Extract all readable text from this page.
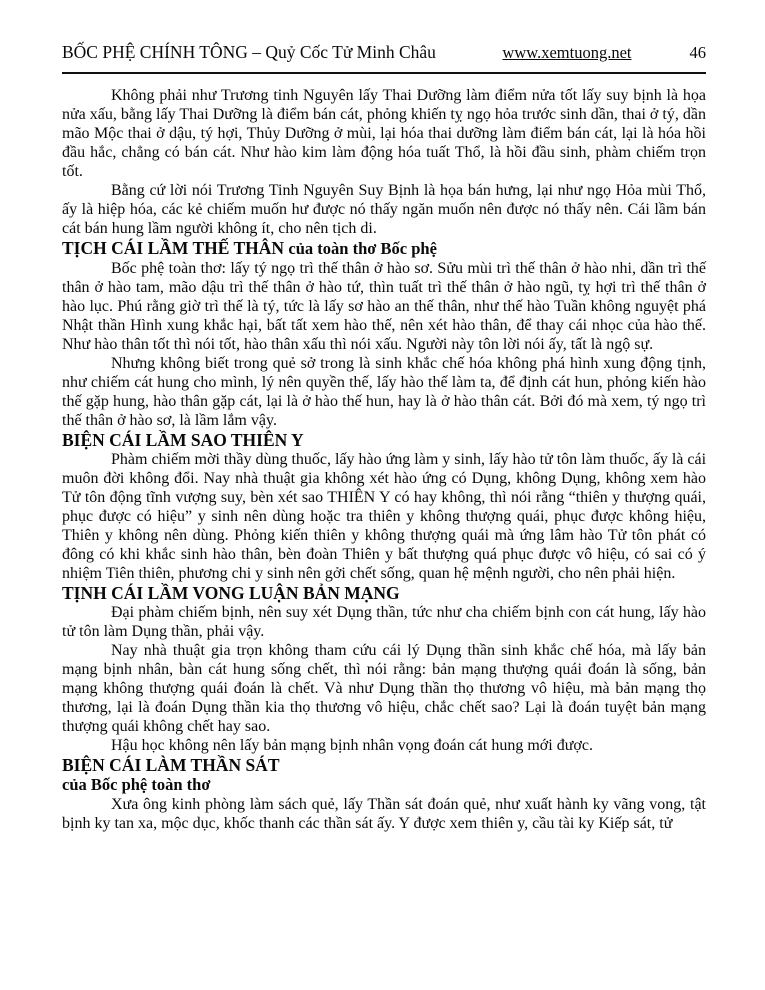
BỐC PHỆ CHÍNH TÔNG – Quỷ Cốc Tử Minh Châu	www.xemtuong.net	46

Không phải như Trương tinh Nguyên lấy Thai Dưỡng làm điểm nửa tốt lấy suy bịnh là họa nửa xấu, bằng lấy Thai Dưỡng là điểm bán cát, phỏng khiến tỵ ngọ hỏa trước sinh dần, thai ở tý, dần mão Mộc thai ở dậu, tý hợi, Thủy Dưỡng ở mùi, lại hóa thai dưỡng làm điểm bán cát, lại là hóa hồi đầu hắc, chẳng có bán cát. Như hào kim làm động hóa tuất Thổ, là hồi đầu sinh, phàm chiếm trọn tốt.

Bằng cứ lời nói Trương Tinh Nguyên Suy Bịnh là họa bán hưng, lại như ngọ Hỏa mùi Thổ, ấy là hiệp hóa, các kẻ chiếm muốn hư được nó thấy ngăn muốn nên được nó thấy nên. Cái lầm bán cát bán hung lầm người không ít, cho nên tịch di.

TỊCH CÁI LẦM THẾ THÂN của toàn thơ Bốc phệ

Bốc phệ toàn thơ: lấy tý ngọ trì thế thân ở hào sơ. Sửu mùi trì thế thân ở hào nhi, dần trì thế thân ở hào tam, mão dậu trì thế thân ở hào tứ, thìn tuất trì thế thân ở hào ngũ, tỵ hợi trì thế thân ở hào lục. Phú rằng giờ trì thế là tý, tức là lấy sơ hào an thế thân, như thế hào Tuần không nguyệt phá Nhật thần Hình xung khắc hại, bất tất xem hào thế, nên xét hào thân, để thay cái nhọc của hào thế. Như hào thân tốt thì nói tốt, hào thân xấu thì nói xấu. Người này tôn lời nói ấy, tất là ngộ sự.

Nhưng không biết trong quẻ sở trong là sinh khắc chế hóa không phá hình xung động tịnh, như chiếm cát hung cho mình, lý nên quyền thế, lấy hào thế làm ta, để định cát hun, phỏng kiến hào thế gặp hung, hào thân gặp cát, lại là ở hào thế hun, hay là ở hào thân cát. Bởi đó mà xem, tý ngọ trì thế thân ở hào sơ, là lầm lắm vậy.

BIỆN CÁI LẦM SAO THIÊN Y

Phàm chiếm mời thầy dùng thuốc, lấy hào ứng làm y sinh, lấy hào tử tôn làm thuốc, ấy là cái muôn đời không đổi. Nay nhà thuật gia không xét hào ứng có Dụng, không Dụng, không xem hào Tử tôn động tĩnh vượng suy, bèn xét sao THIÊN Y có hay không, thì nói rằng “thiên y thượng quái, phục được có hiệu” y sinh nên dùng hoặc tra thiên y không thượng quái, phục được không hiệu, Thiên y không nên dùng. Phỏng kiến thiên y không thượng quái mà ứng lâm hào Tử tôn phát có đông có khi khắc sinh hào thân, bèn đoàn Thiên y bất thượng quá phục được vô hiệu, có sai có ý nhiệm Tiên thiên, phương chi y sinh nên gởi chết sống, quan hệ mệnh người, cho nên phải hiện.

TỊNH CÁI LẦM VONG LUẬN BẢN MẠNG

Đại phàm chiếm bịnh, nên suy xét Dụng thần, tức như cha chiếm bịnh con cát hung, lấy hào tử tôn làm Dụng thần, phải vậy.

Nay nhà thuật gia trọn không tham cứu cái lý Dụng thần sinh khắc chế hóa, mà lấy bản mạng bịnh nhân, bàn cát hung sống chết, thì nói rằng: bản mạng thượng quái đoán là sống, bản mạng không thượng quái đoán là chết. Và như Dụng thần thọ thương vô hiệu, mà bản mạng thọ thương, lại là đoán Dụng thần kia thọ thương vô hiệu, chắc chết sao? Lại là đoán tuyệt bản mạng thượng quái không chết hay sao.

Hậu học không nên lấy bản mạng bịnh nhân vọng đoán cát hung mới được.

BIỆN CÁI LÀM THẦN SÁT
của Bốc phệ toàn thơ

Xưa ông kinh phòng làm sách quẻ, lấy Thần sát đoán quẻ, như xuất hành ky vãng vong, tật bịnh ky tan xa, mộc dục, khốc thanh các thần sát ấy. Y được xem thiên y, cầu tài ky Kiếp sát, tử
